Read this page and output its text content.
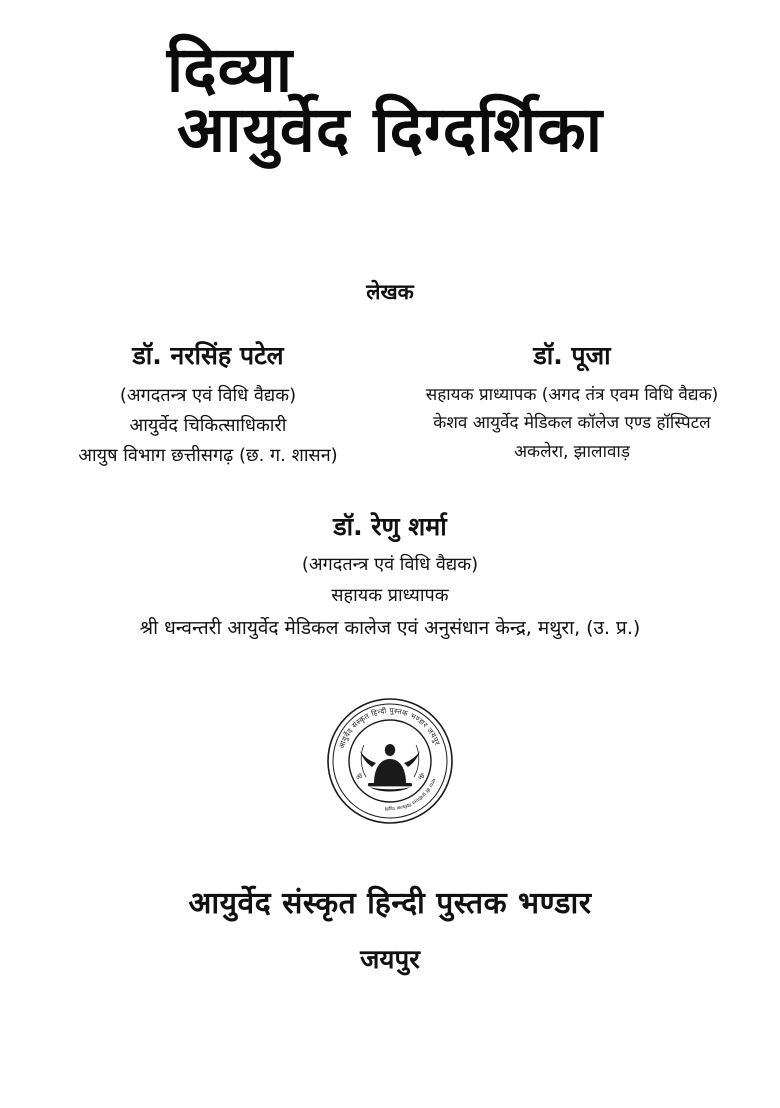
दिव्या
आयुर्वेद दिग्दर्शिका
लेखक
डॉ. नरसिंह पटेल
(अगदतन्त्र एवं विधि वैद्यक)
आयुर्वेद चिकित्साधिकारी
आयुष विभाग छत्तीसगढ़ (छ. ग. शासन)
डॉ. पूजा
सहायक प्राध्यापक (अगद तंत्र एवम विधि वैद्यक)
केशव आयुर्वेद मेडिकल कॉलेज एण्ड हॉस्पिटल
अकलेरा, झालावाड़
डॉ. रेणु शर्मा
(अगदतन्त्र एवं विधि वैद्यक)
सहायक प्राध्यापक
श्री धन्वन्तरी आयुर्वेद मेडिकल कालेज एवं अनुसंधान केन्द्र, मथुरा, (उ. प्र.)
आयुर्वेद संस्कृत हिन्दी पुस्तक भण्डार जयपुर
भारत की प्राचीनतम चिकित्सा पद्धति
ॐ	ॐ
आयुर्वेद संस्कृत हिन्दी पुस्तक भण्डार
जयपुर
